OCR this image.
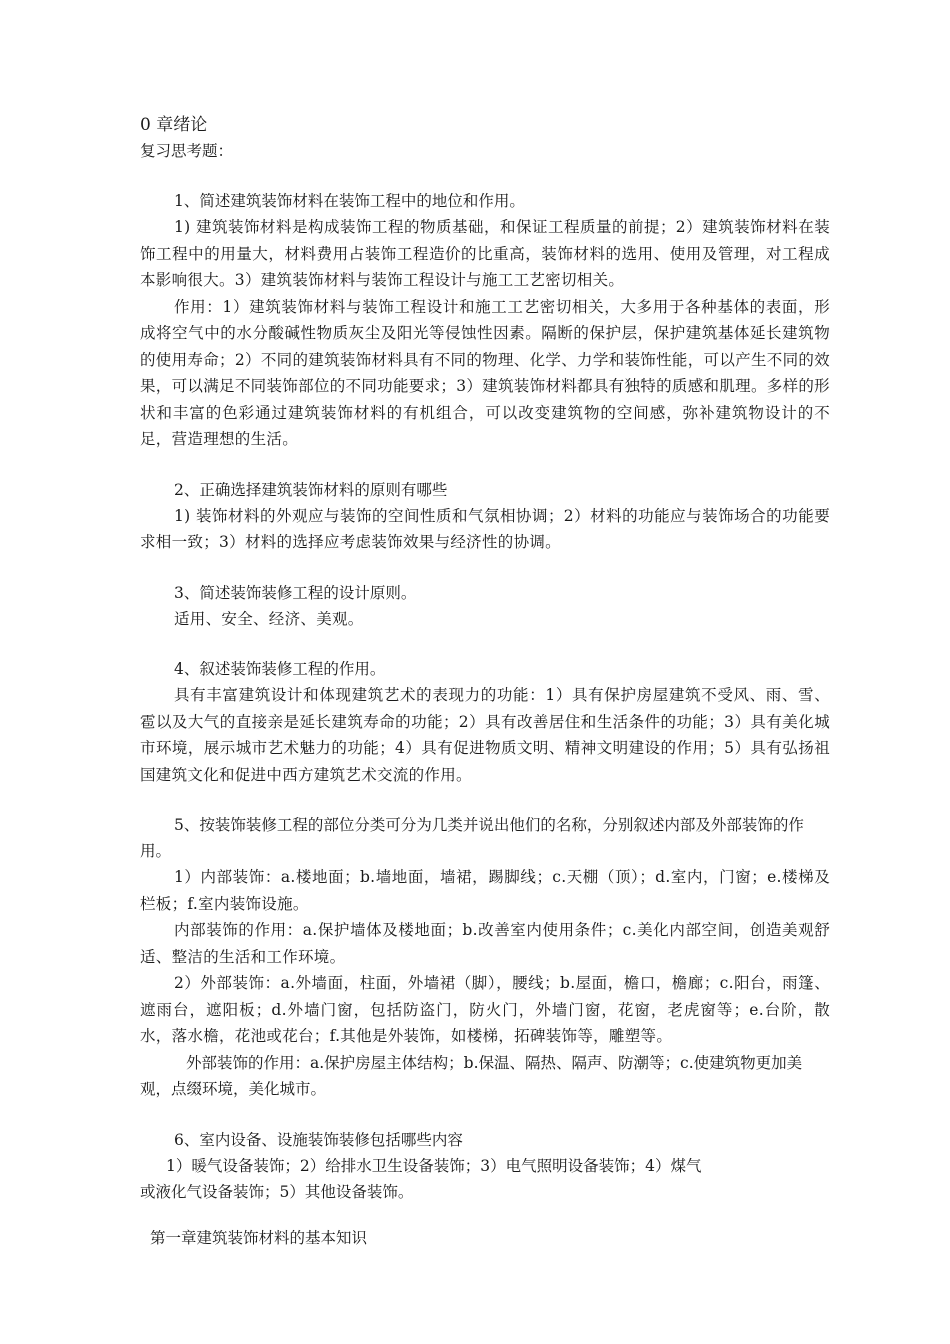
0 章绪论
复习思考题：
1、简述建筑装饰材料在装饰工程中的地位和作用。
1) 建筑装饰材料是构成装饰工程的物质基础，和保证工程质量的前提；2）建筑装饰材料在装饰工程中的用量大，材料费用占装饰工程造价的比重高，装饰材料的选用、使用及管理，对工程成本影响很大。3）建筑装饰材料与装饰工程设计与施工工艺密切相关。
作用：1）建筑装饰材料与装饰工程设计和施工工艺密切相关，大多用于各种基体的表面，形成将空气中的水分酸碱性物质灰尘及阳光等侵蚀性因素。隔断的保护层，保护建筑基体延长建筑物的使用寿命；2）不同的建筑装饰材料具有不同的物理、化学、力学和装饰性能，可以产生不同的效果，可以满足不同装饰部位的不同功能要求；3）建筑装饰材料都具有独特的质感和肌理。多样的形状和丰富的色彩通过建筑装饰材料的有机组合，可以改变建筑物的空间感，弥补建筑物设计的不足，营造理想的生活。
2、正确选择建筑装饰材料的原则有哪些
1) 装饰材料的外观应与装饰的空间性质和气氛相协调；2）材料的功能应与装饰场合的功能要求相一致；3）材料的选择应考虑装饰效果与经济性的协调。
3、简述装饰装修工程的设计原则。
适用、安全、经济、美观。
4、叙述装饰装修工程的作用。
具有丰富建筑设计和体现建筑艺术的表现力的功能：1）具有保护房屋建筑不受风、雨、雪、雹以及大气的直接亲是延长建筑寿命的功能；2）具有改善居住和生活条件的功能；3）具有美化城市环境，展示城市艺术魅力的功能；4）具有促进物质文明、精神文明建设的作用；5）具有弘扬祖国建筑文化和促进中西方建筑艺术交流的作用。
5、按装饰装修工程的部位分类可分为几类并说出他们的名称，分别叙述内部及外部装饰的作用。
1）内部装饰：a.楼地面；b.墙地面，墙裙，踢脚线；c.天棚（顶）；d.室内，门窗；e.楼梯及栏板；f.室内装饰设施。
内部装饰的作用：a.保护墙体及楼地面；b.改善室内使用条件；c.美化内部空间，创造美观舒适、整洁的生活和工作环境。
2）外部装饰：a.外墙面，柱面，外墙裙（脚），腰线；b.屋面，檐口，檐廊；c.阳台，雨篷、遮雨台，遮阳板；d.外墙门窗，包括防盗门，防火门，外墙门窗，花窗，老虎窗等；e.台阶，散水，落水檐，花池或花台；f.其他是外装饰，如楼梯，拓碑装饰等，雕塑等。
外部装饰的作用：a.保护房屋主体结构；b.保温、隔热、隔声、防潮等；c.使建筑物更加美观，点缀环境，美化城市。
6、室内设备、设施装饰装修包括哪些内容
1）暖气设备装饰；2）给排水卫生设备装饰；3）电气照明设备装饰；4）煤气
或液化气设备装饰；5）其他设备装饰。
第一章建筑装饰材料的基本知识
